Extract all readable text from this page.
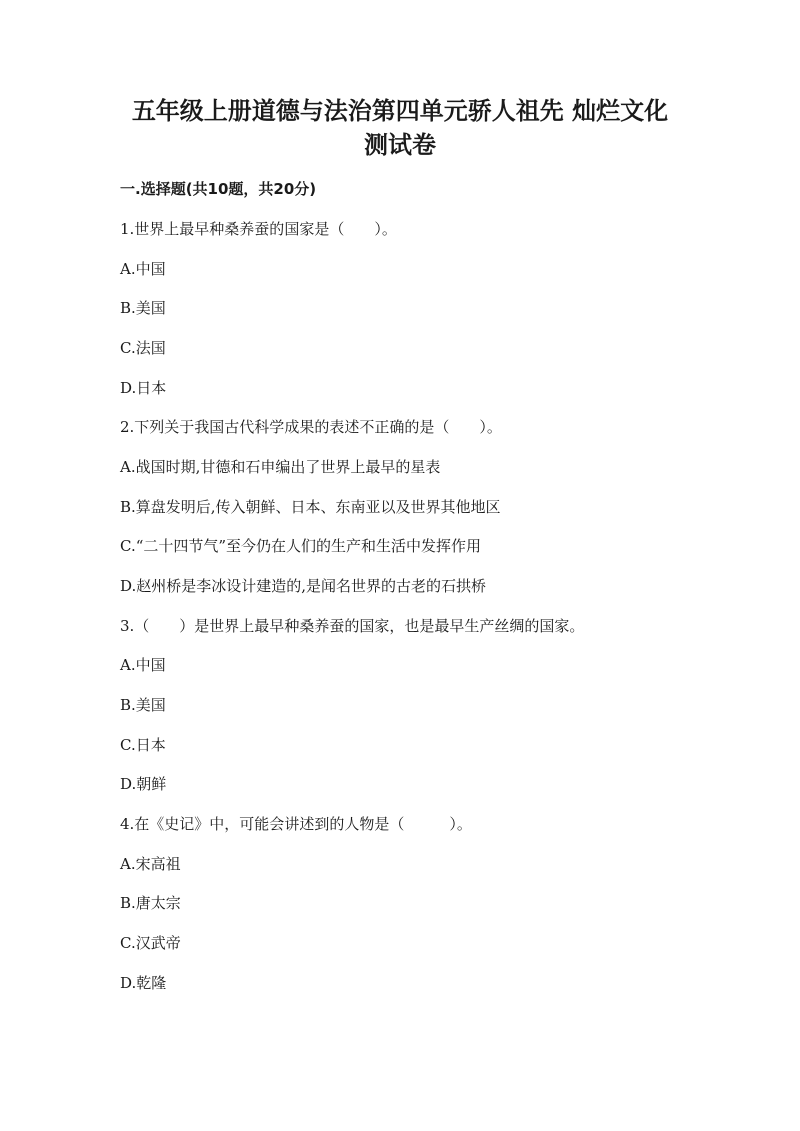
五年级上册道德与法治第四单元骄人祖先 灿烂文化
测试卷
一.选择题(共10题，共20分)
1.世界上最早种桑养蚕的国家是（　　）。
A.中国
B.美国
C.法国
D.日本
2.下列关于我国古代科学成果的表述不正确的是（　　）。
A.战国时期,甘德和石申编出了世界上最早的星表
B.算盘发明后,传入朝鲜、日本、东南亚以及世界其他地区
C.“二十四节气”至今仍在人们的生产和生活中发挥作用
D.赵州桥是李冰设计建造的,是闻名世界的古老的石拱桥
3.（　　）是世界上最早种桑养蚕的国家，也是最早生产丝绸的国家。
A.中国
B.美国
C.日本
D.朝鲜
4.在《史记》中，可能会讲述到的人物是（　　　）。
A.宋高祖
B.唐太宗
C.汉武帝
D.乾隆
